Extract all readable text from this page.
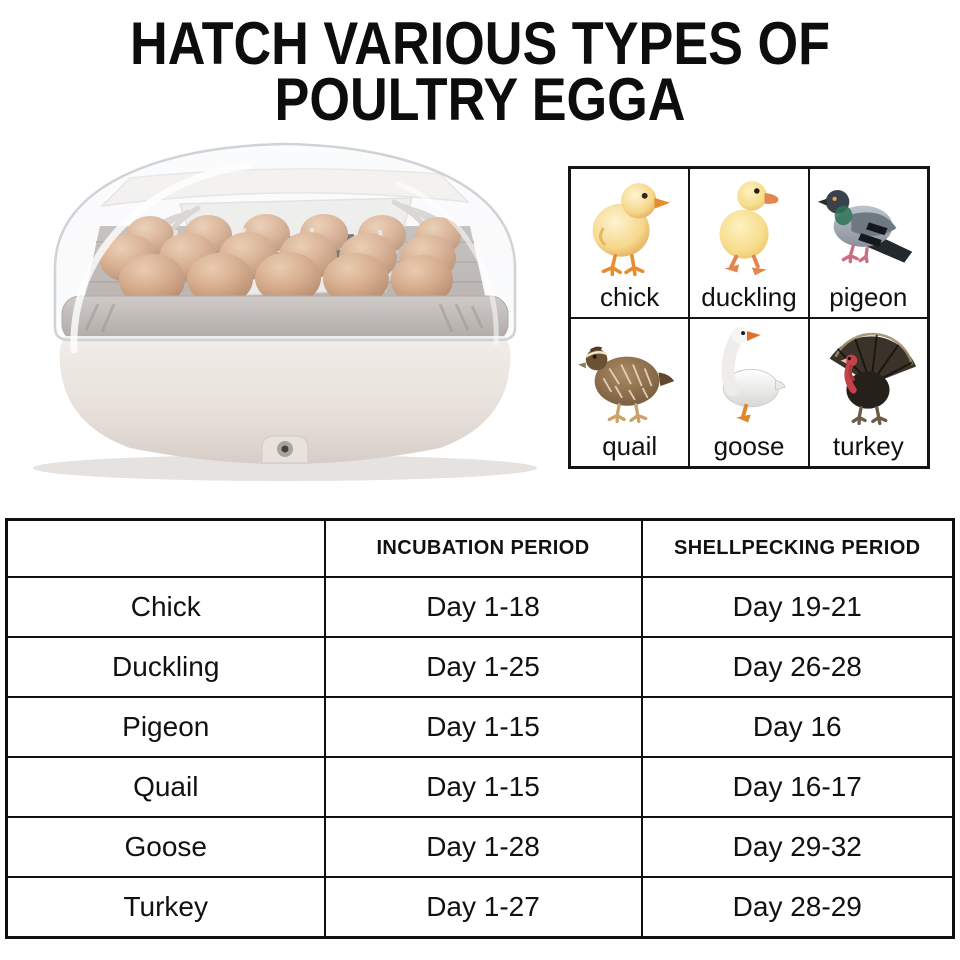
HATCH VARIOUS TYPES OF
POULTRY EGGA
chick duckling pigeon
quail goose turkey
	INCUBATION PERIOD	SHELLPECKING PERIOD
Chick	Day 1-18	Day 19-21
Duckling	Day 1-25	Day 26-28
Pigeon	Day 1-15	Day 16
Quail	Day 1-15	Day 16-17
Goose	Day 1-28	Day 29-32
Turkey	Day 1-27	Day 28-29
